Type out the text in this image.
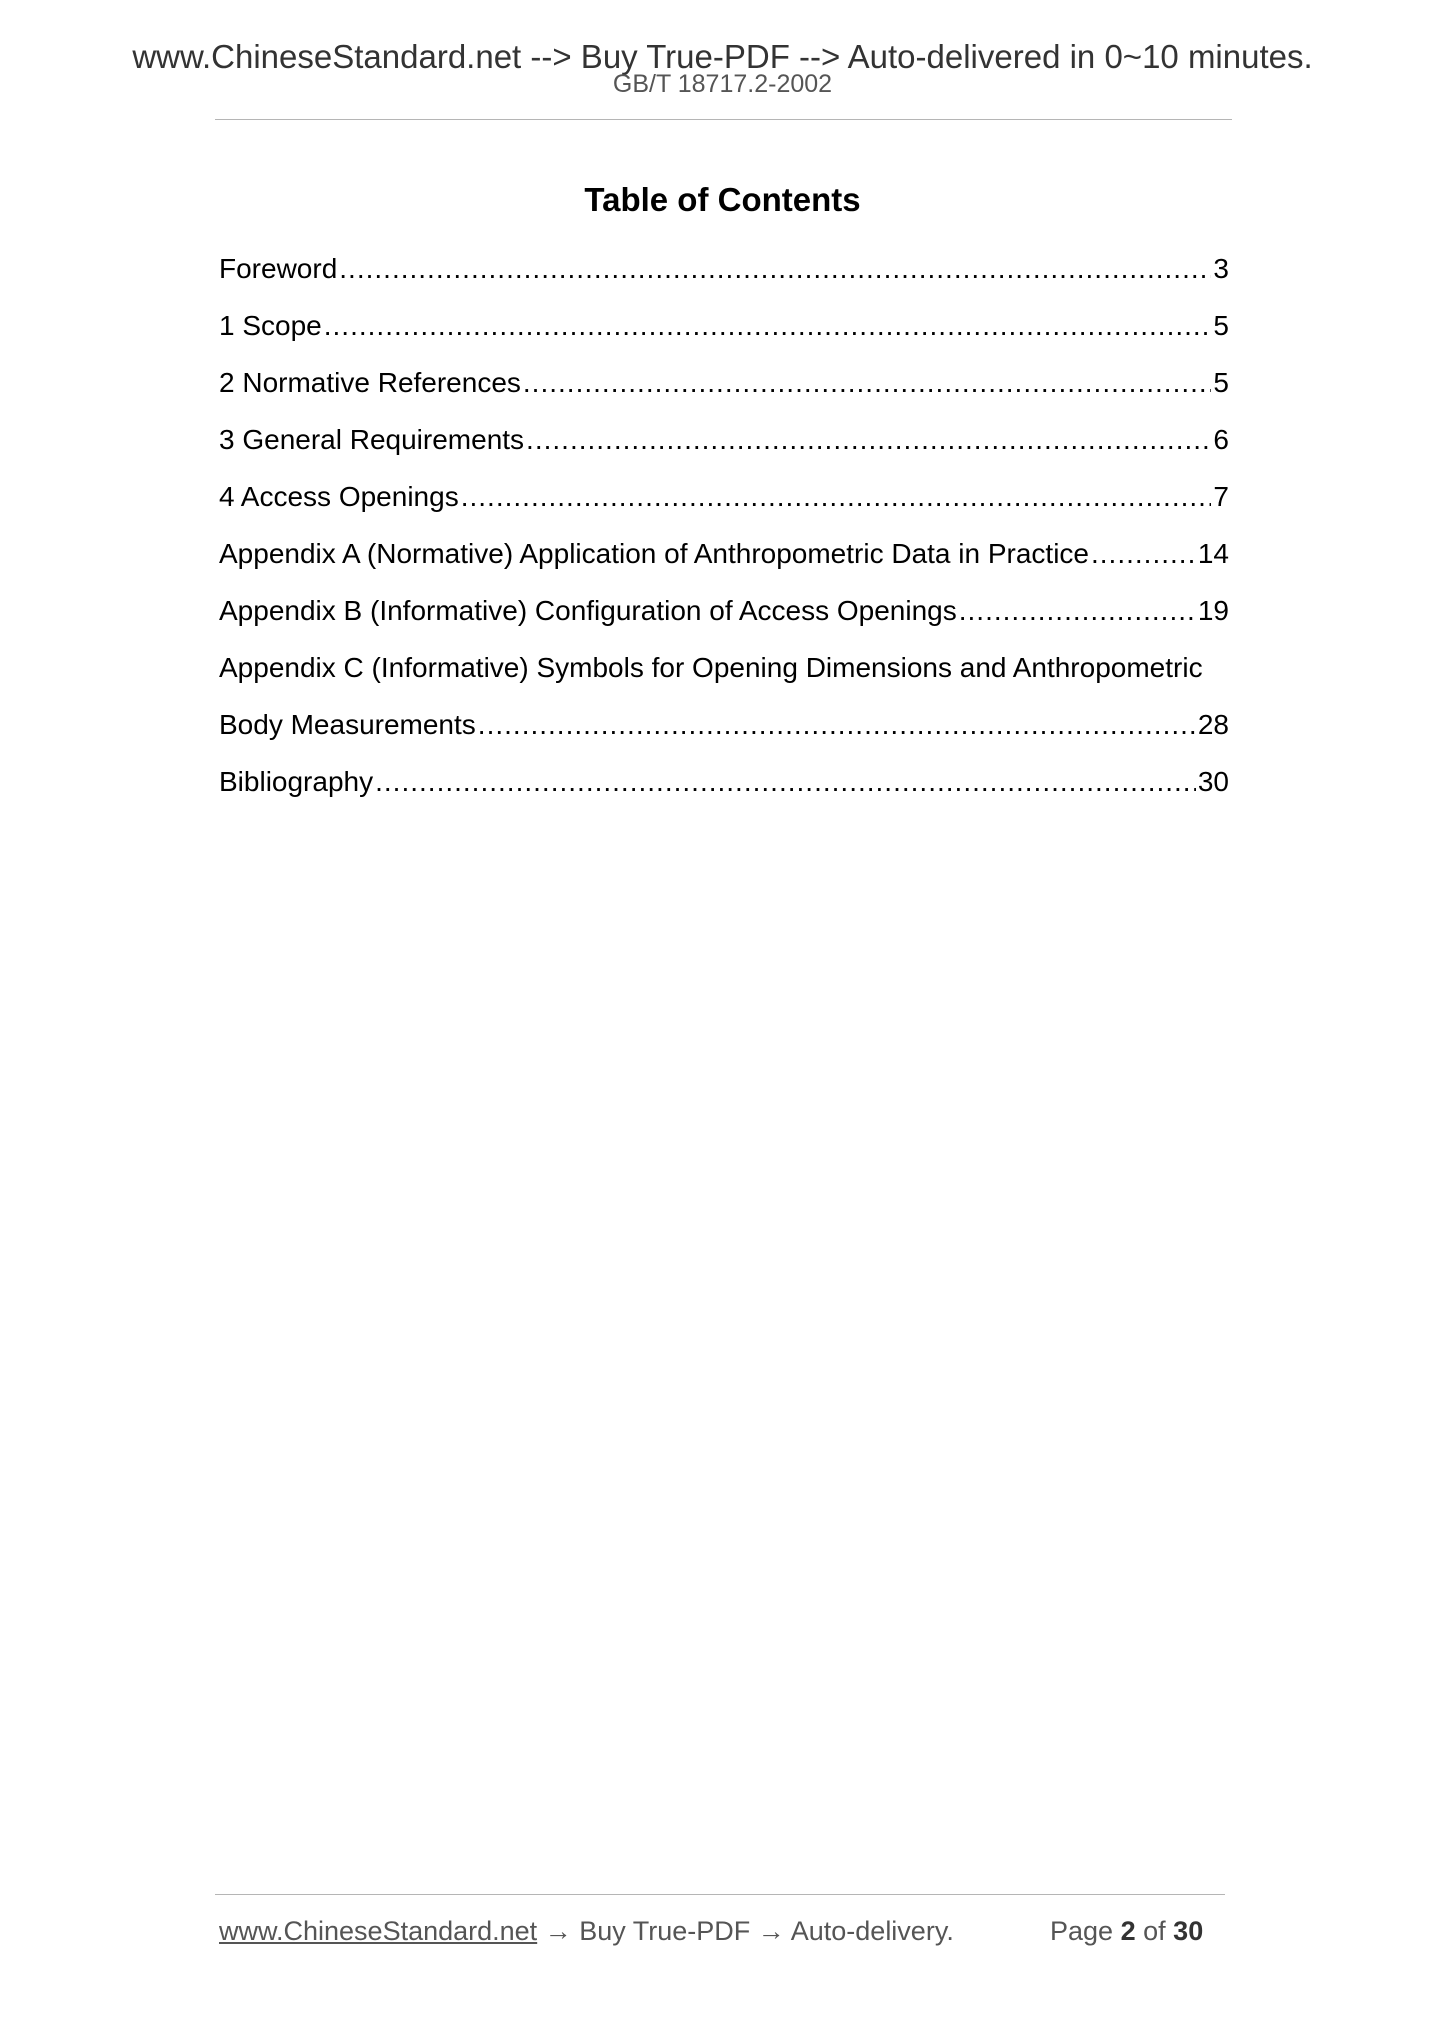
www.ChineseStandard.net --> Buy True-PDF --> Auto-delivered in 0~10 minutes.
GB/T 18717.2-2002
Table of Contents
Foreword .....	3
1 Scope .....	5
2 Normative References .....	5
3 General Requirements .....	6
4 Access Openings .....	7
Appendix A (Normative) Application of Anthropometric Data in Practice .....	14
Appendix B (Informative) Configuration of Access Openings .....	19
Appendix C (Informative) Symbols for Opening Dimensions and Anthropometric
Body Measurements .....	28
Bibliography .....	30
www.ChineseStandard.net → Buy True-PDF → Auto-delivery.	Page 2 of 30
